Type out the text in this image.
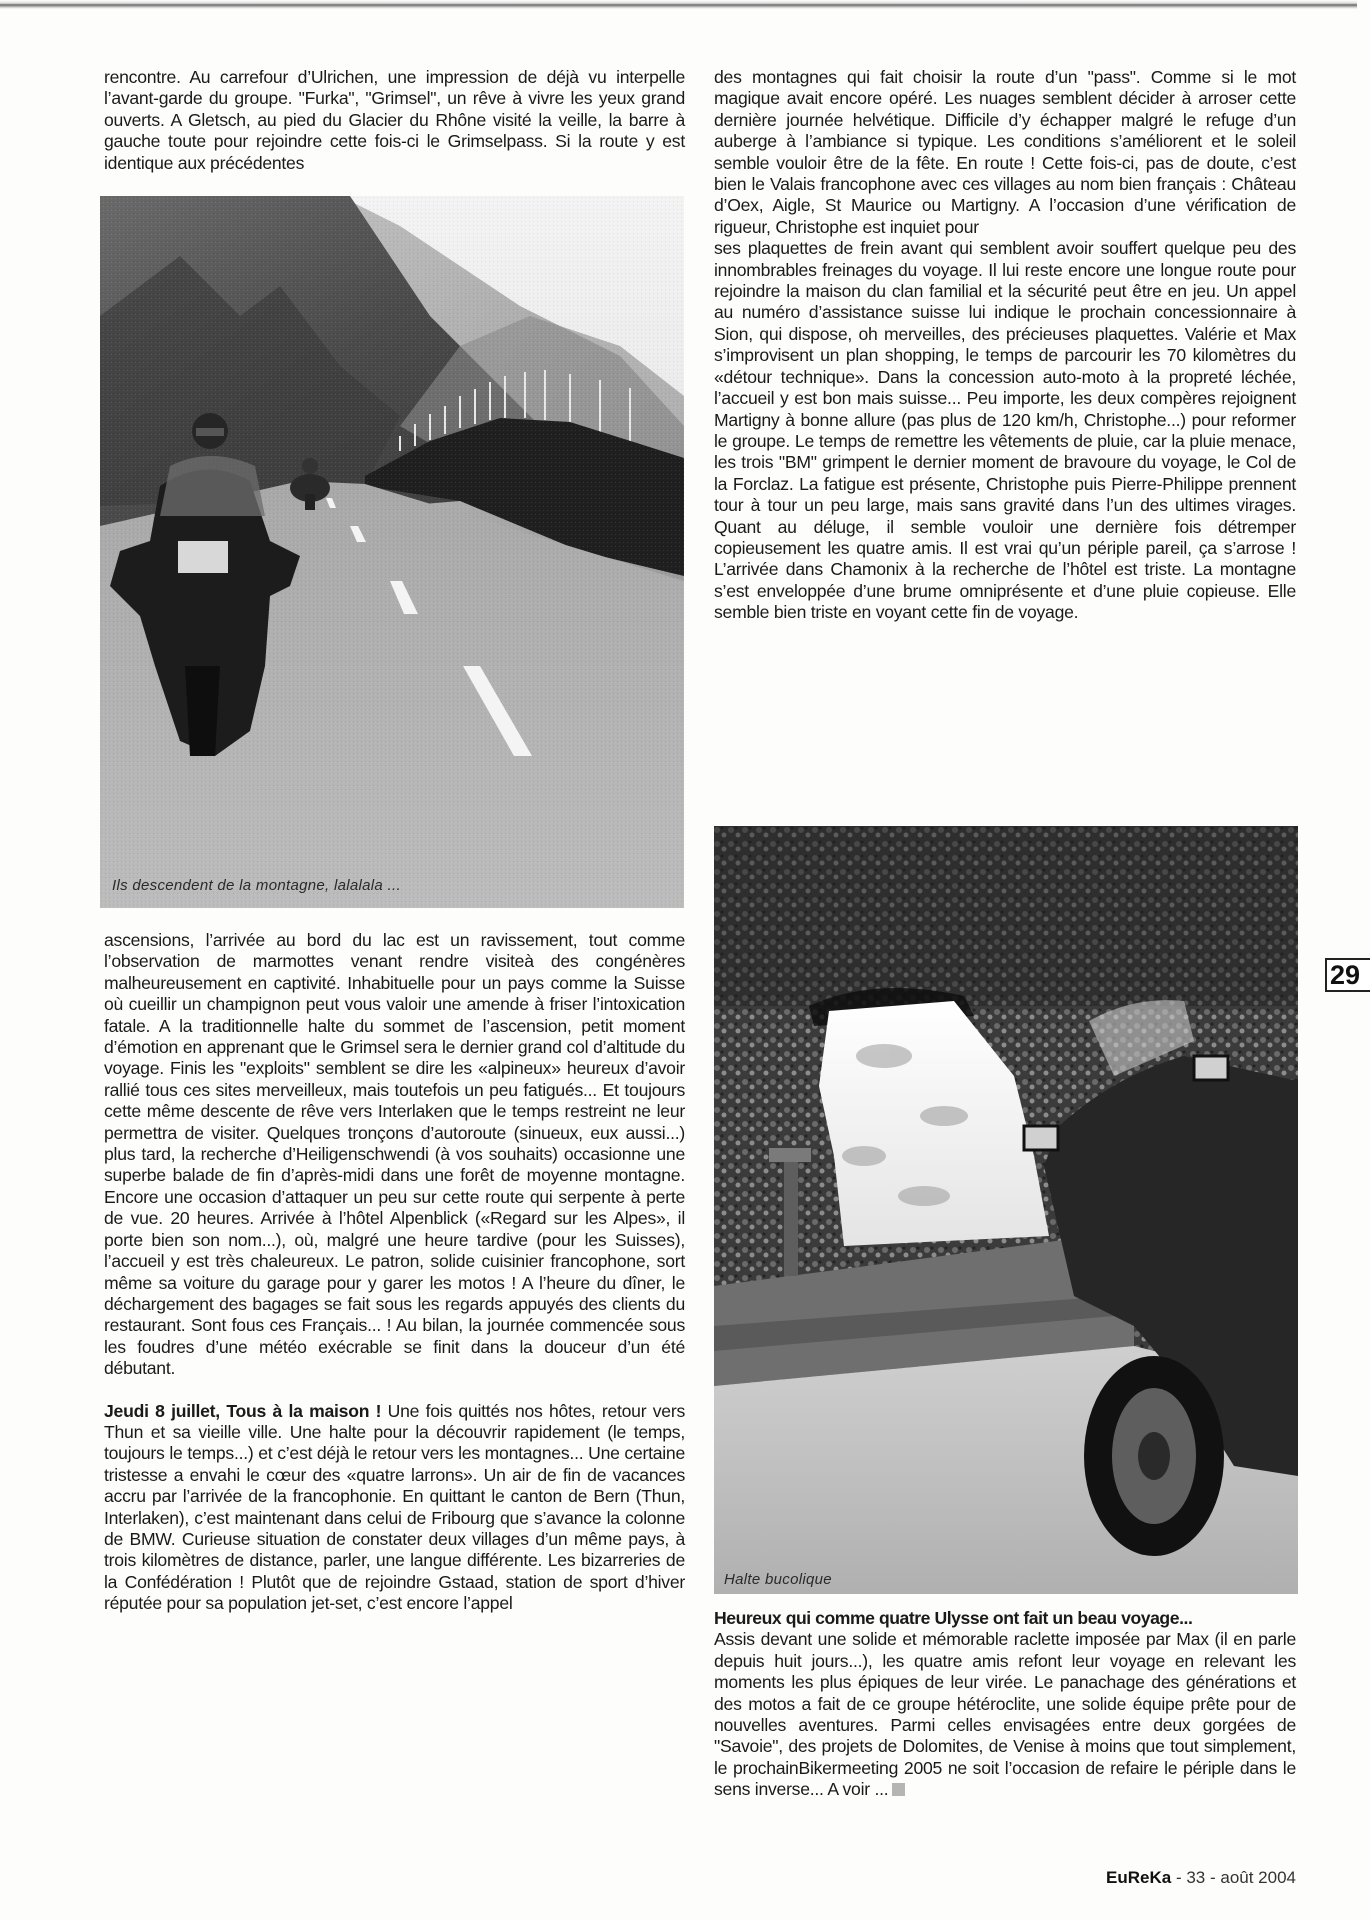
rencontre. Au carrefour d’Ulrichen, une impression de déjà vu interpelle l’avant-garde du groupe. "Furka", "Grimsel", un rêve à vivre les yeux grand ouverts. A Gletsch, au pied du Glacier du Rhône visité la veille, la barre à gauche toute pour rejoindre cette fois-ci le Grimselpass. Si la route y est identique aux précédentes

Ils descendent de la montagne, lalalala ...

ascensions, l’arrivée au bord du lac est un ravissement, tout comme l’observation de marmottes venant rendre visiteà des congénères malheureusement en captivité. Inhabituelle pour un pays comme la Suisse où cueillir un champignon peut vous valoir une amende à friser l’intoxication fatale. A la traditionnelle halte du sommet de l’ascension, petit moment d’émotion en apprenant que le Grimsel sera le dernier grand col d’altitude du voyage. Finis les "exploits" semblent se dire les «alpineux» heureux d’avoir rallié tous ces sites merveilleux, mais toutefois un peu fatigués... Et toujours cette même descente de rêve vers Interlaken que le temps restreint ne leur permettra de visiter. Quelques tronçons d’autoroute (sinueux, eux aussi...) plus tard, la recherche d’Heiligenschwendi (à vos souhaits) occasionne une superbe balade de fin d’après-midi dans une forêt de moyenne montagne. Encore une occasion d’attaquer un peu sur cette route qui serpente à perte de vue. 20 heures. Arrivée à l’hôtel Alpenblick («Regard sur les Alpes», il porte bien son nom...), où, malgré une heure tardive (pour les Suisses), l’accueil y est très chaleureux. Le patron, solide cuisinier francophone, sort même sa voiture du garage pour y garer les motos ! A l’heure du dîner, le déchargement des bagages se fait sous les regards appuyés des clients du restaurant. Sont fous ces Français... ! Au bilan, la journée commencée sous les foudres d’une météo exécrable se finit dans la douceur d’un été débutant.

Jeudi 8 juillet, Tous à la maison ! Une fois quittés nos hôtes, retour vers Thun et sa vieille ville. Une halte pour la découvrir rapidement (le temps, toujours le temps...) et c’est déjà le retour vers les montagnes... Une certaine tristesse a envahi le cœur des «quatre larrons». Un air de fin de vacances accru par l’arrivée de la francophonie. En quittant le canton de Bern (Thun, Interlaken), c’est maintenant dans celui de Fribourg que s’avance la colonne de BMW. Curieuse situation de constater deux villages d’un même pays, à trois kilomètres de distance, parler, une langue différente. Les bizarreries de la Confédération ! Plutôt que de rejoindre Gstaad, station de sport d’hiver réputée pour sa population jet-set, c’est encore l’appel

des montagnes qui fait choisir la route d’un "pass". Comme si le mot magique avait encore opéré. Les nuages semblent décider à arroser cette dernière journée helvétique. Difficile d’y échapper malgré le refuge d’un auberge à l’ambiance si typique. Les conditions s’améliorent et le soleil semble vouloir être de la fête. En route ! Cette fois-ci, pas de doute, c’est bien le Valais francophone avec ces villages au nom bien français : Château d’Oex, Aigle, St Maurice ou Martigny. A l’occasion d’une vérification de rigueur, Christophe est inquiet pour

ses plaquettes de frein avant qui semblent avoir souffert quelque peu des innombrables freinages du voyage. Il lui reste encore une longue route pour rejoindre la maison du clan familial et la sécurité peut être en jeu. Un appel au numéro d’assistance suisse lui indique le prochain concessionnaire à Sion, qui dispose, oh merveilles, des précieuses plaquettes. Valérie et Max s’improvisent un plan shopping, le temps de parcourir les 70 kilomètres du «détour technique». Dans la concession auto-moto à la propreté léchée, l’accueil y est bon mais suisse... Peu importe, les deux compères rejoignent Martigny à bonne allure (pas plus de 120 km/h, Christophe...) pour reformer le groupe. Le temps de remettre les vêtements de pluie, car la pluie menace, les trois "BM" grimpent le dernier moment de bravoure du voyage, le Col de la Forclaz. La fatigue est présente, Christophe puis Pierre-Philippe prennent tour à tour un peu large, mais sans gravité dans l’un des ultimes virages. Quant au déluge, il semble vouloir une dernière fois détremper copieusement les quatre amis. Il est vrai qu’un périple pareil, ça s’arrose ! L’arrivée dans Chamonix à la recherche de l’hôtel est triste. La montagne s’est enveloppée d’une brume omniprésente et d’une pluie copieuse. Elle semble bien triste en voyant cette fin de voyage.

Halte bucolique

Heureux qui comme quatre Ulysse ont fait un beau voyage...

Assis devant une solide et mémorable raclette imposée par Max (il en parle depuis huit jours...), les quatre amis refont leur voyage en relevant les moments les plus épiques de leur virée. Le panachage des générations et des motos a fait de ce groupe hétéroclite, une solide équipe prête pour de nouvelles aventures. Parmi celles envisagées entre deux gorgées de "Savoie", des projets de Dolomites, de Venise à moins que tout simplement, le prochainBikermeeting 2005 ne soit l’occasion de refaire le périple dans le sens inverse... A voir ...

29
EuReKa - 33 - août 2004
